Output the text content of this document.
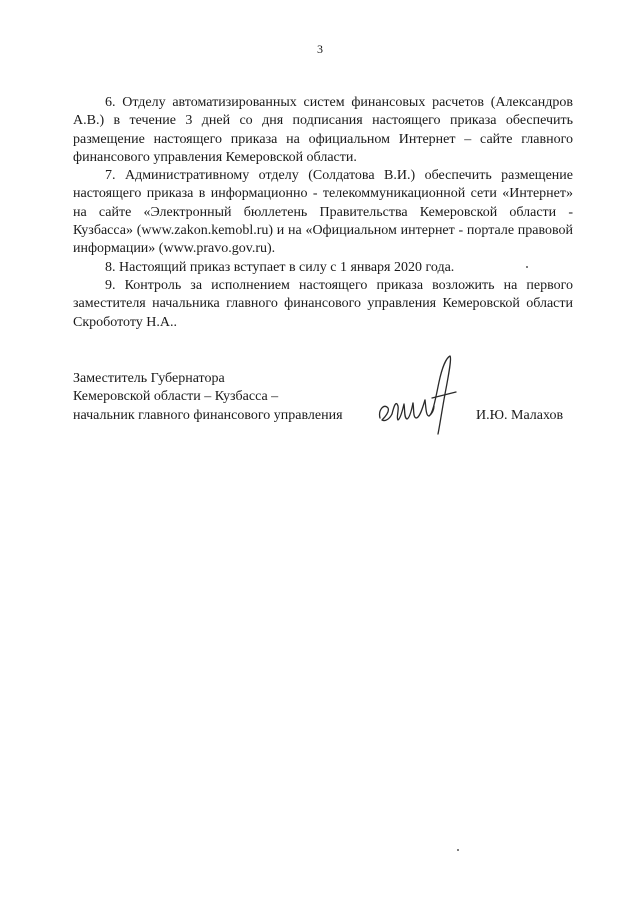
3

6. Отделу автоматизированных систем финансовых расчетов (Александров А.В.) в течение 3 дней со дня подписания настоящего приказа обеспечить размещение настоящего приказа на официальном Интернет – сайте главного финансового управления Кемеровской области.

7. Административному отделу (Солдатова В.И.) обеспечить размещение настоящего приказа в информационно - телекоммуникационной сети «Интернет» на сайте «Электронный бюллетень Правительства Кемеровской области - Кузбасса» (www.zakon.kemobl.ru) и на «Официальном интернет - портале правовой информации» (www.pravo.gov.ru).

8. Настоящий приказ вступает в силу с 1 января 2020 года.

9. Контроль за исполнением настоящего приказа возложить на первого заместителя начальника главного финансового управления Кемеровской области Скробототу Н.А..

Заместитель Губернатора
Кемеровской области – Кузбасса –
начальник главного финансового управления	И.Ю. Малахов
